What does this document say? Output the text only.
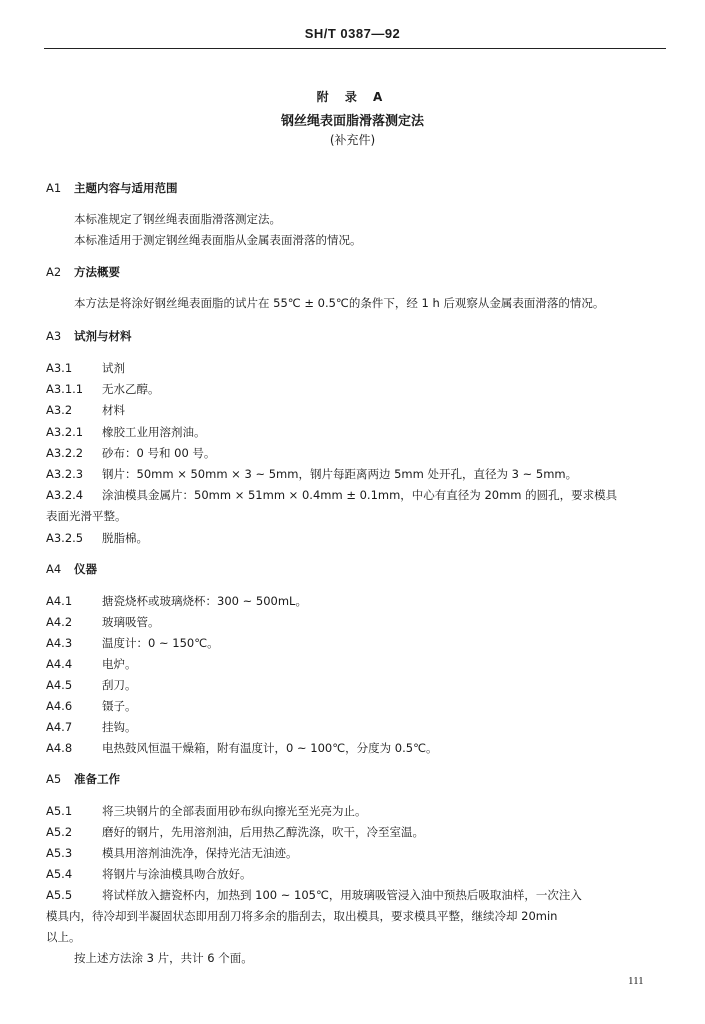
SH/T 0387—92
附 录 A
钢丝绳表面脂滑落测定法
(补充件)
A1 主题内容与适用范围
本标准规定了钢丝绳表面脂滑落测定法。
本标准适用于测定钢丝绳表面脂从金属表面滑落的情况。
A2 方法概要
本方法是将涂好钢丝绳表面脂的试片在 55℃ ± 0.5℃的条件下，经 1 h 后观察从金属表面滑落的情况。
A3 试剂与材料
A3.1	试剂
A3.1.1 无水乙醇。
A3.2	材料
A3.2.1 橡胶工业用溶剂油。
A3.2.2 砂布：0 号和 00 号。
A3.2.3 钢片：50mm × 50mm × 3 ~ 5mm，钢片每距离两边 5mm 处开孔，直径为 3 ~ 5mm。
A3.2.4 涂油模具金属片：50mm × 51mm × 0.4mm ± 0.1mm，中心有直径为 20mm 的圆孔，要求模具
表面光滑平整。
A3.2.5 脱脂棉。
A4 仪器
A4.1	搪瓷烧杯或玻璃烧杯：300 ~ 500mL。
A4.2	玻璃吸管。
A4.3	温度计：0 ~ 150℃。
A4.4	电炉。
A4.5	刮刀。
A4.6	镊子。
A4.7	挂钩。
A4.8	电热鼓风恒温干燥箱，附有温度计，0 ~ 100℃，分度为 0.5℃。
A5 准备工作
A5.1	将三块钢片的全部表面用砂布纵向擦光至光亮为止。
A5.2	磨好的钢片，先用溶剂油，后用热乙醇洗涤，吹干，冷至室温。
A5.3	模具用溶剂油洗净，保持光洁无油迹。
A5.4	将钢片与涂油模具吻合放好。
A5.5	将试样放入搪瓷杯内，加热到 100 ~ 105℃，用玻璃吸管浸入油中预热后吸取油样，一次注入
模具内，待冷却到半凝固状态即用刮刀将多余的脂刮去，取出模具，要求模具平整，继续冷却 20min
以上。
按上述方法涂 3 片，共计 6 个面。
111
